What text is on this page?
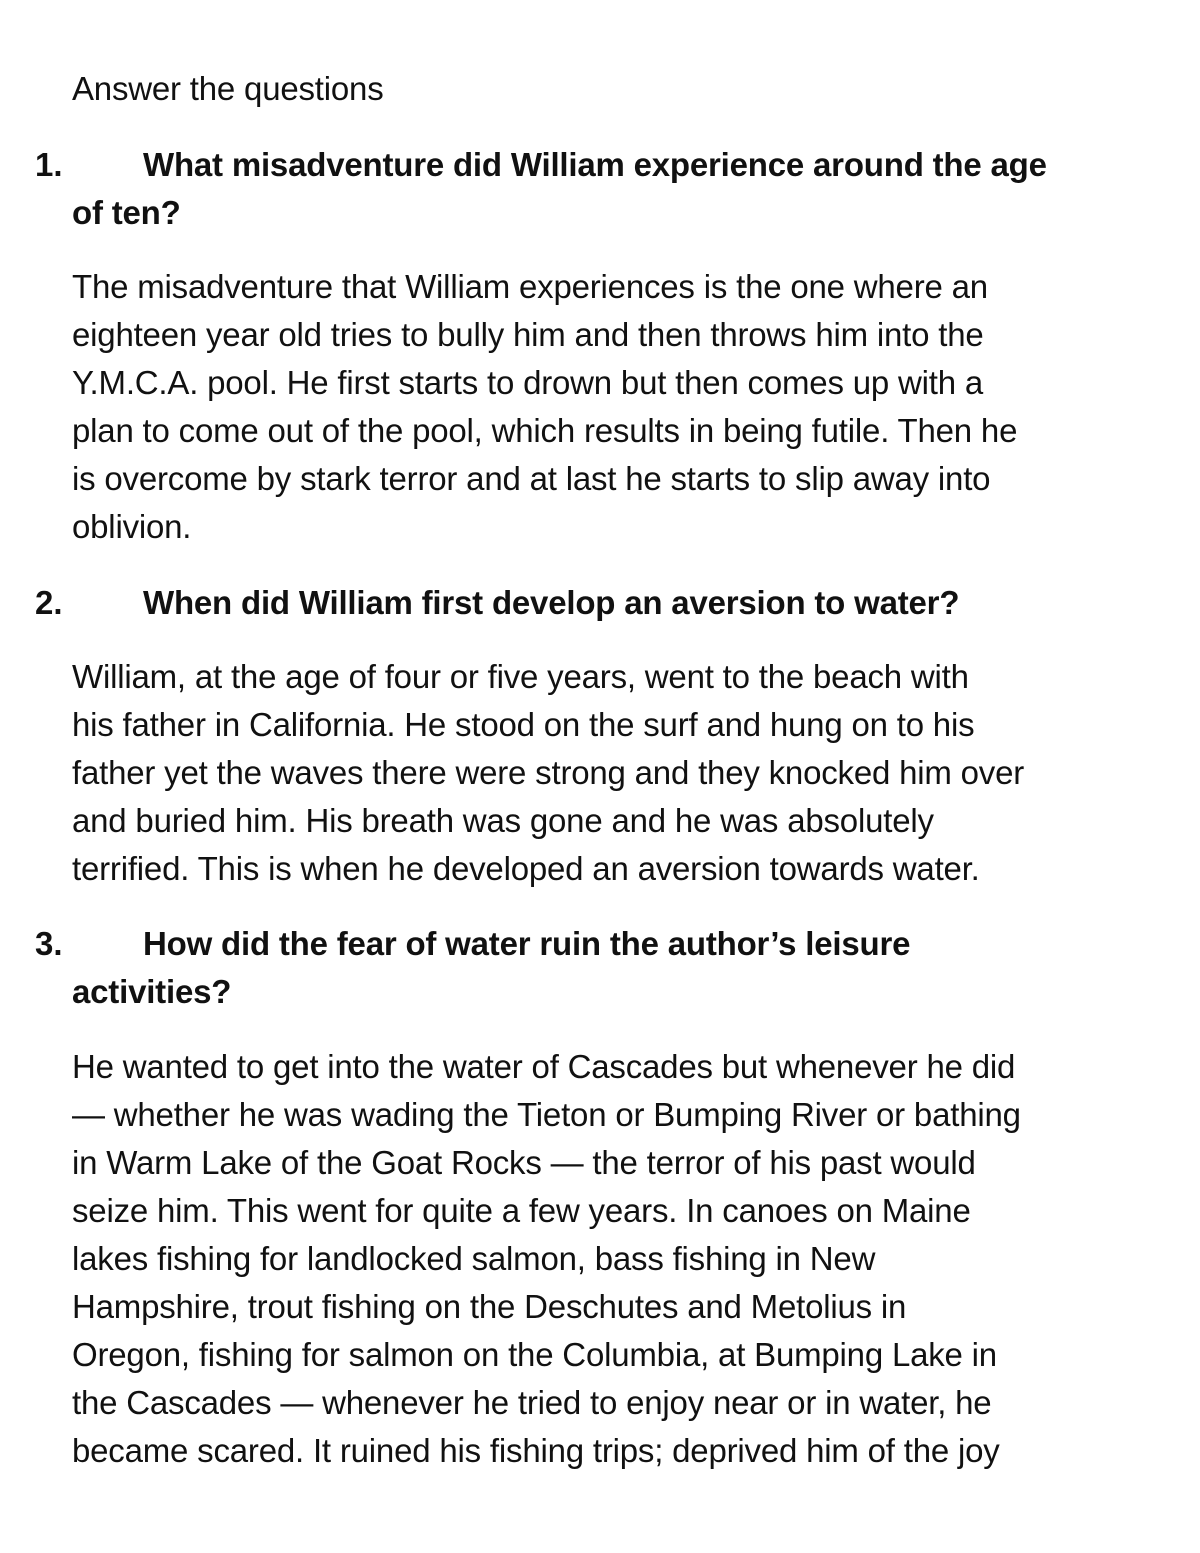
Answer the questions
1. What misadventure did William experience around the age
of ten?
The misadventure that William experiences is the one where an
eighteen year old tries to bully him and then throws him into the
Y.M.C.A. pool. He first starts to drown but then comes up with a
plan to come out of the pool, which results in being futile. Then he
is overcome by stark terror and at last he starts to slip away into
oblivion.
2. When did William first develop an aversion to water?
William, at the age of four or five years, went to the beach with
his father in California. He stood on the surf and hung on to his
father yet the waves there were strong and they knocked him over
and buried him. His breath was gone and he was absolutely
terrified. This is when he developed an aversion towards water.
3. How did the fear of water ruin the author’s leisure
activities?
He wanted to get into the water of Cascades but whenever he did
— whether he was wading the Tieton or Bumping River or bathing
in Warm Lake of the Goat Rocks — the terror of his past would
seize him. This went for quite a few years. In canoes on Maine
lakes fishing for landlocked salmon, bass fishing in New
Hampshire, trout fishing on the Deschutes and Metolius in
Oregon, fishing for salmon on the Columbia, at Bumping Lake in
the Cascades — whenever he tried to enjoy near or in water, he
became scared. It ruined his fishing trips; deprived him of the joy
